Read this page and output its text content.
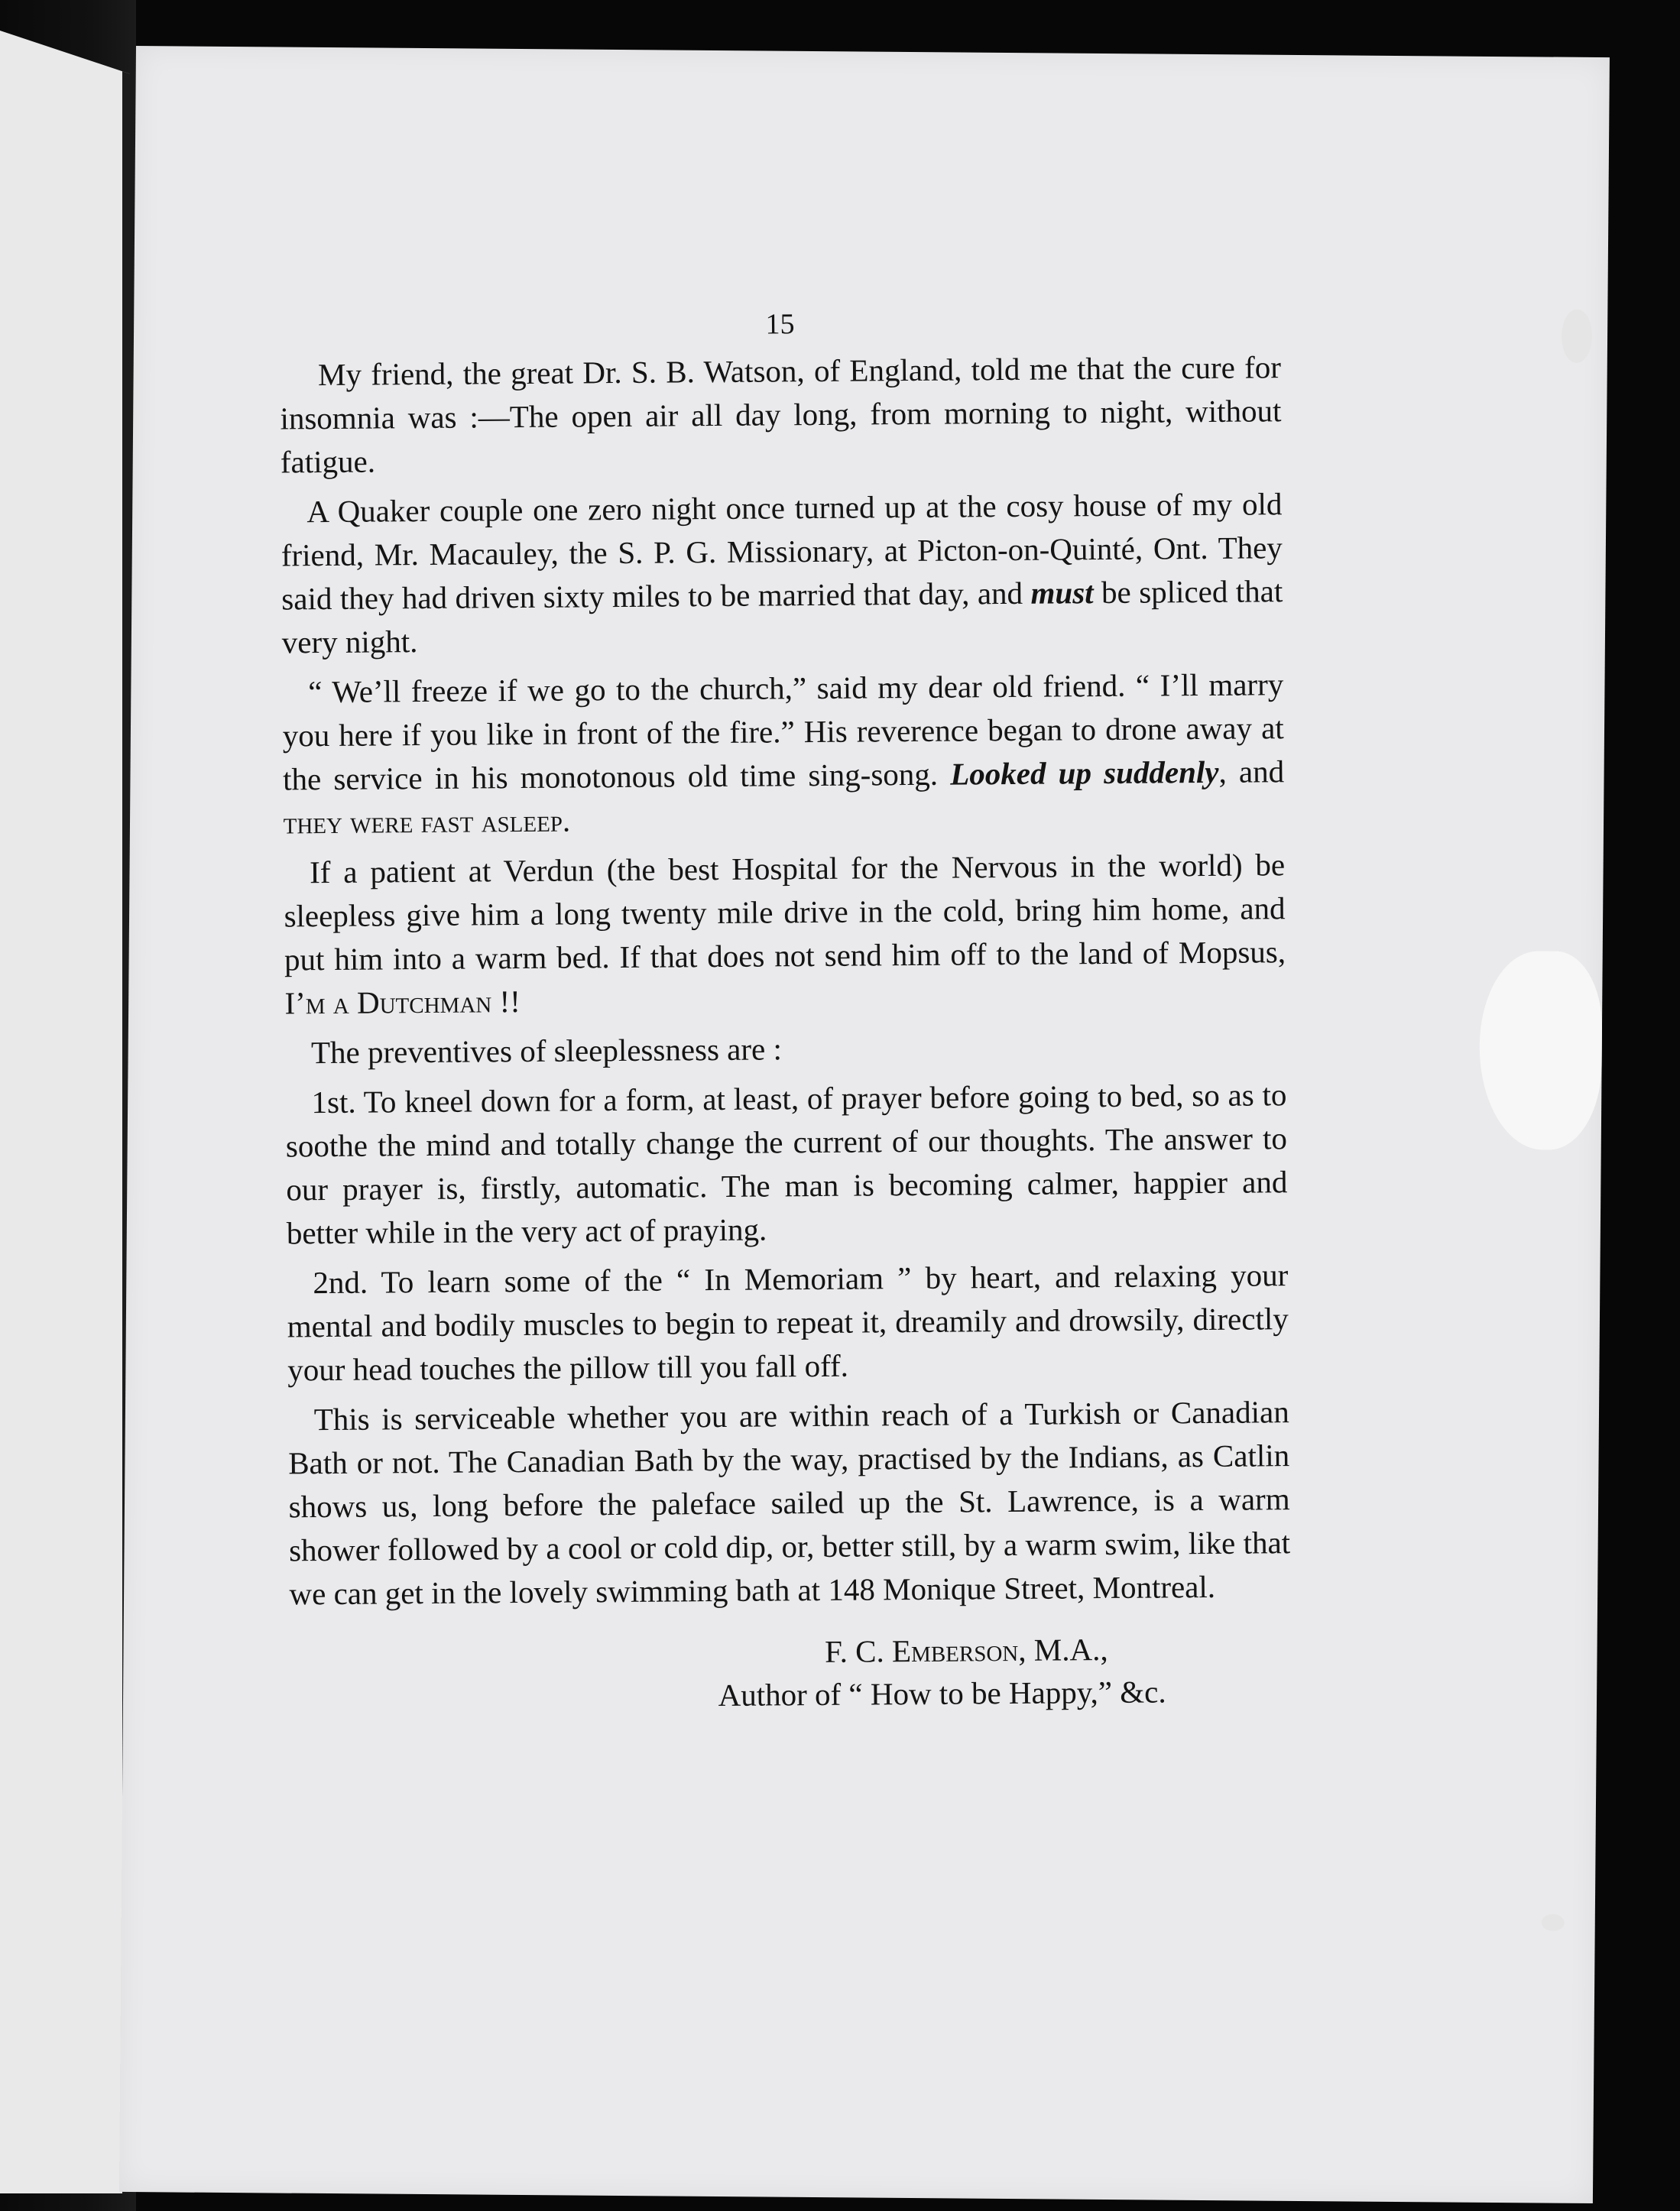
15

My friend, the great Dr. S. B. Watson, of England, told me that the cure for insomnia was :—The open air all day long, from morning to night, without fatigue.

A Quaker couple one zero night once turned up at the cosy house of my old friend, Mr. Macauley, the S. P. G. Missionary, at Picton-on-Quinté, Ont. They said they had driven sixty miles to be married that day, and must be spliced that very night.

“ We’ll freeze if we go to the church,” said my dear old friend. “ I’ll marry you here if you like in front of the fire.” His reverence began to drone away at the service in his monotonous old time sing-song. Looked up suddenly, and they were fast asleep.

If a patient at Verdun (the best Hospital for the Nervous in the world) be sleepless give him a long twenty mile drive in the cold, bring him home, and put him into a warm bed. If that does not send him off to the land of Mopsus, I’m a Dutchman !!

The preventives of sleeplessness are :

1st. To kneel down for a form, at least, of prayer before going to bed, so as to soothe the mind and totally change the current of our thoughts. The answer to our prayer is, firstly, automatic. The man is becoming calmer, happier and better while in the very act of praying.

2nd. To learn some of the “ In Memoriam ” by heart, and relaxing your mental and bodily muscles to begin to repeat it, dreamily and drowsily, directly your head touches the pillow till you fall off.

This is serviceable whether you are within reach of a Turkish or Canadian Bath or not. The Canadian Bath by the way, practised by the Indians, as Catlin shows us, long before the paleface sailed up the St. Lawrence, is a warm shower followed by a cool or cold dip, or, better still, by a warm swim, like that we can get in the lovely swimming bath at 148 Monique Street, Montreal.

F. C. Emberson, M.A.,
Author of “ How to be Happy,” &c.
